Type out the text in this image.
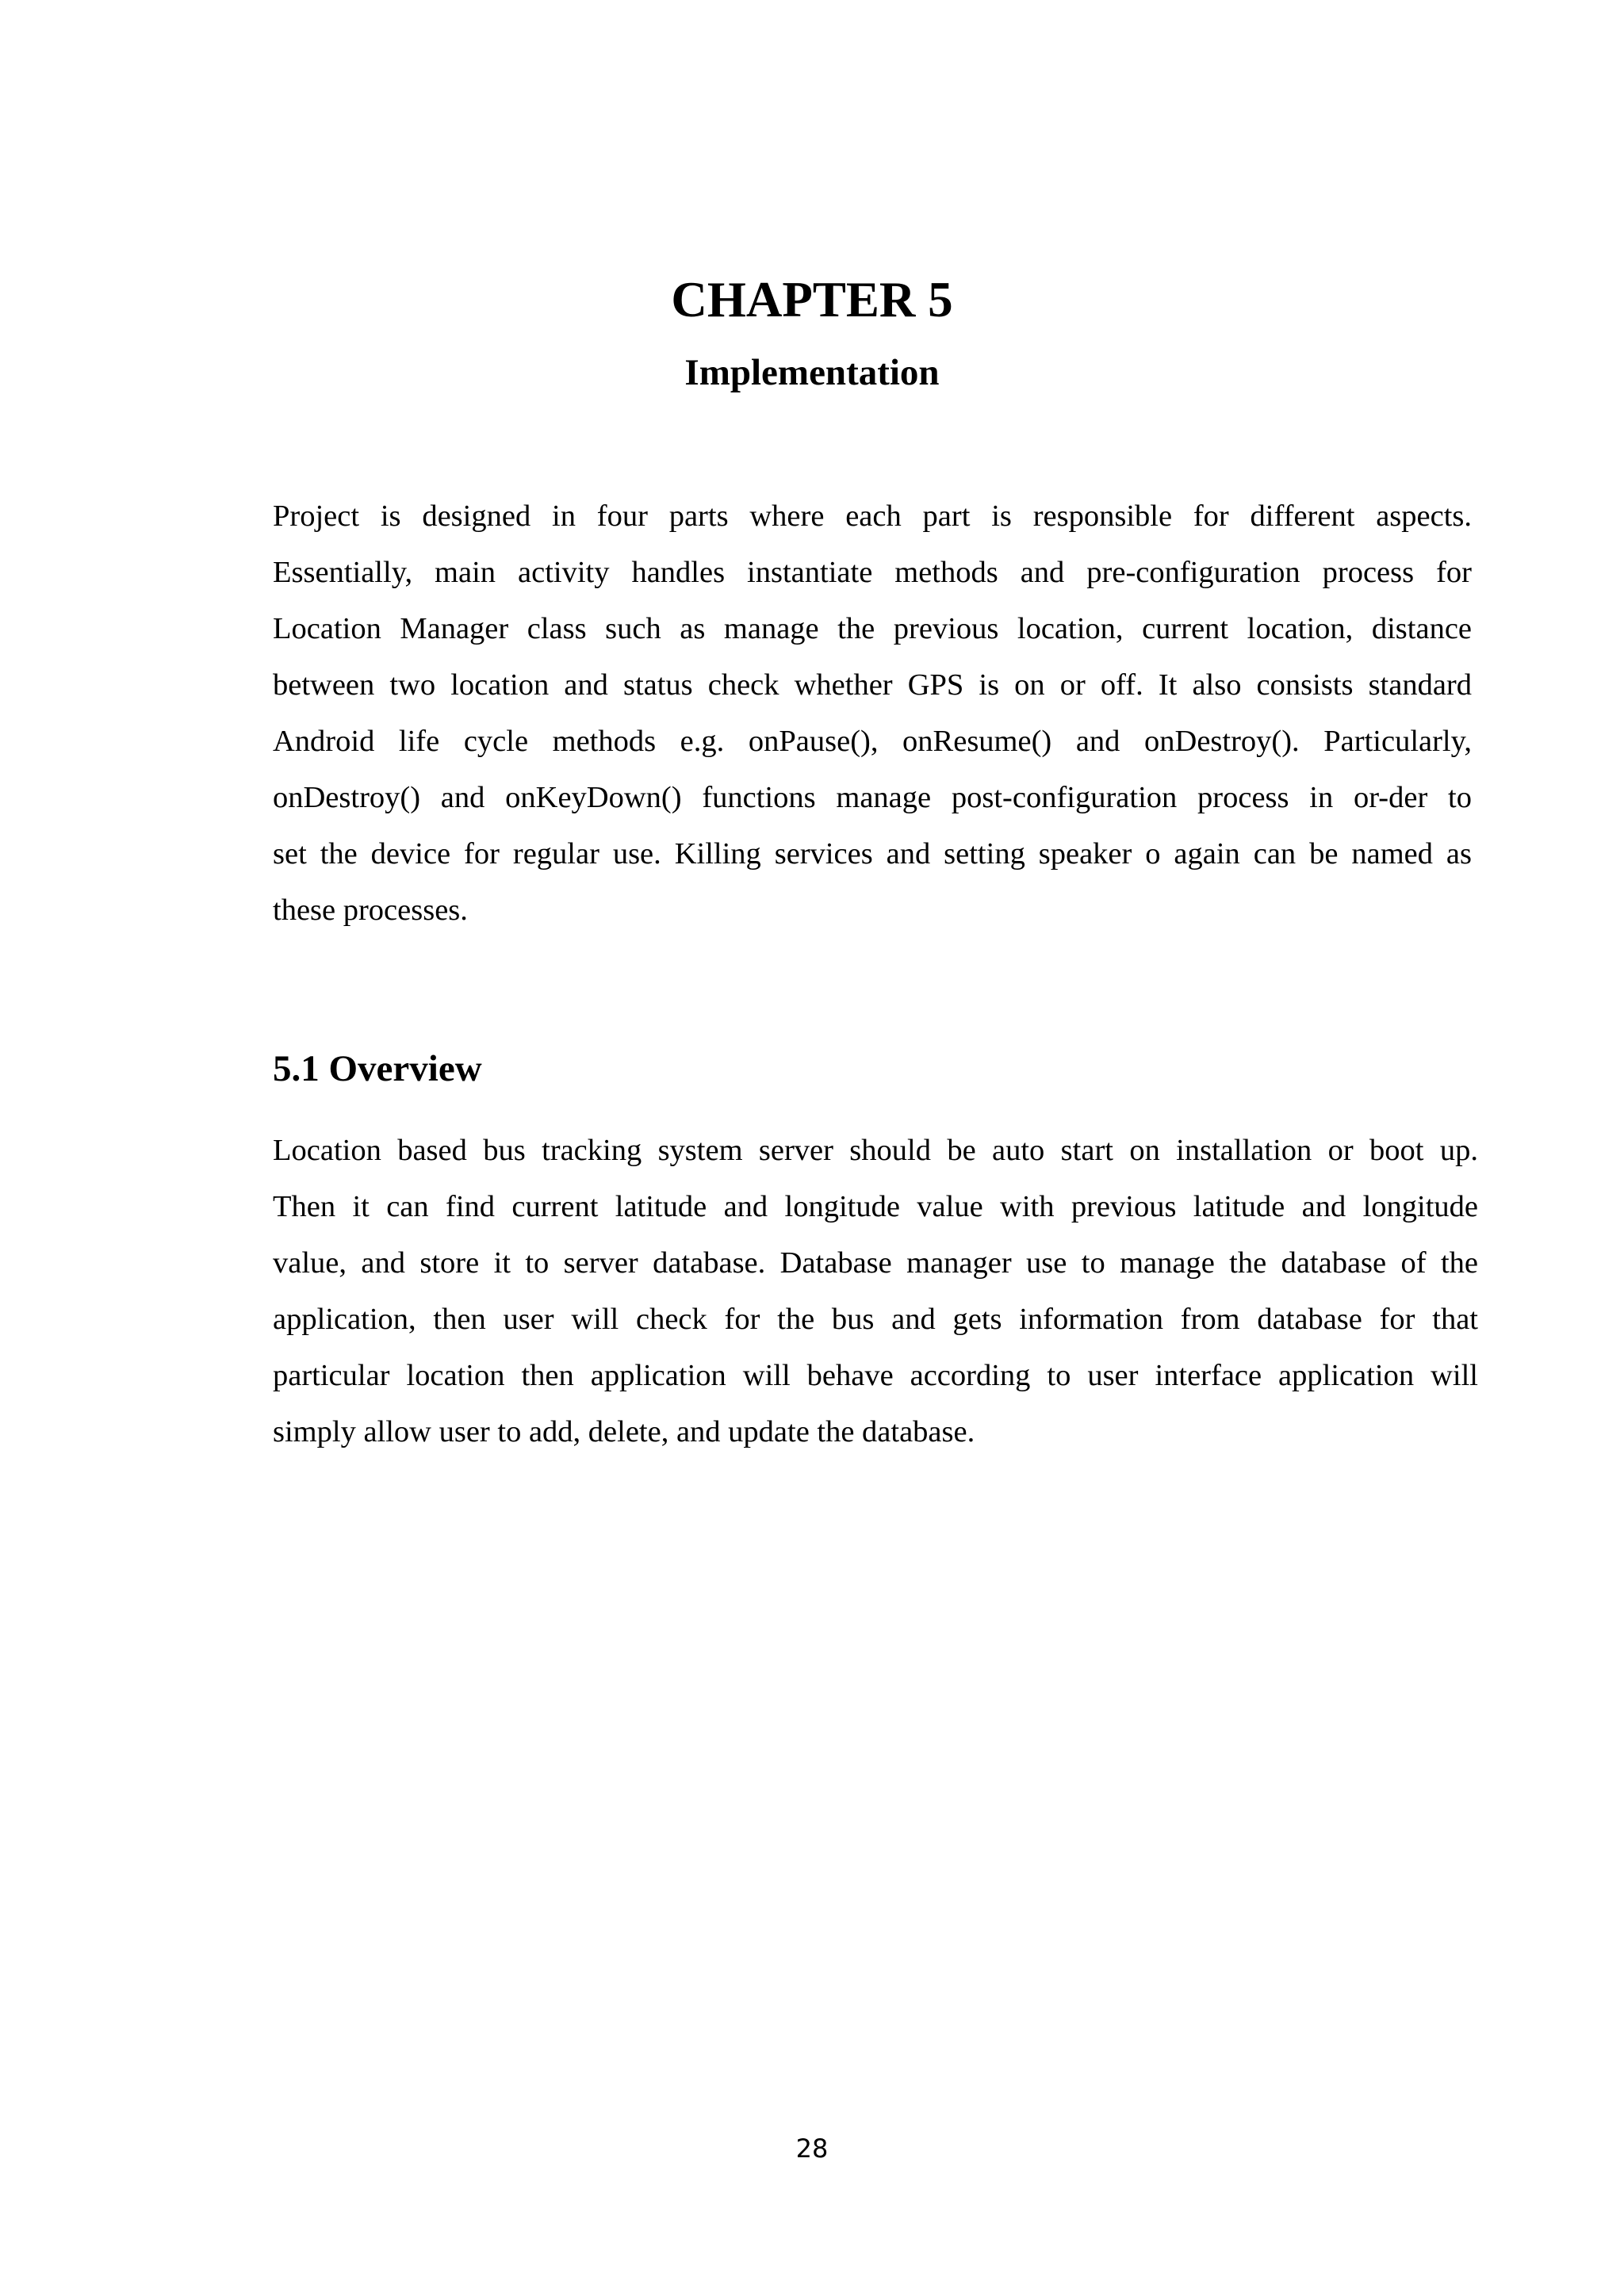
CHAPTER 5
Implementation
Project is designed in four parts where each part is responsible for different aspects.
Essentially, main activity handles instantiate methods and pre-configuration process for
Location Manager class such as manage the previous location, current location, distance
between two location and status check whether GPS is on or off. It also consists standard
Android life cycle methods e.g. onPause(), onResume() and onDestroy(). Particularly,
onDestroy() and onKeyDown() functions manage post-configuration process in or-der to
set the device for regular use. Killing services and setting speaker o again can be named as
these processes.
5.1 Overview
Location based bus tracking system server should be auto start on installation or boot up.
Then it can find current latitude and longitude value with previous latitude and longitude
value, and store it to server database. Database manager use to manage the database of the
application, then user will check for the bus and gets information from database for that
particular location then application will behave according to user interface application will
simply allow user to add, delete, and update the database.
28
